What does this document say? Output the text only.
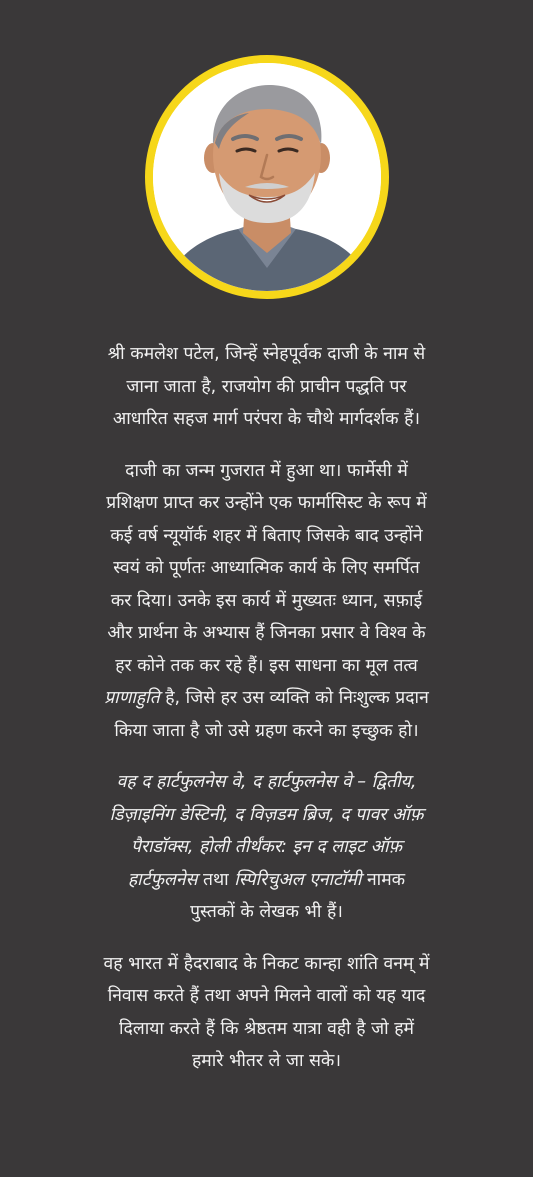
श्री कमलेश पटेल, जिन्हें स्नेहपूर्वक दाजी के नाम से
जाना जाता है, राजयोग की प्राचीन पद्धति पर
आधारित सहज मार्ग परंपरा के चौथे मार्गदर्शक हैं।

दाजी का जन्म गुजरात में हुआ था। फार्मेसी में
प्रशिक्षण प्राप्त कर उन्होंने एक फार्मासिस्ट के रूप में
कई वर्ष न्यूयॉर्क शहर में बिताए जिसके बाद उन्होंने
स्वयं को पूर्णतः आध्यात्मिक कार्य के लिए समर्पित
कर दिया। उनके इस कार्य में मुख्यतः ध्यान, सफ़ाई
और प्रार्थना के अभ्यास हैं जिनका प्रसार वे विश्व के
हर कोने तक कर रहे हैं। इस साधना का मूल तत्व
प्राणाहुति है, जिसे हर उस व्यक्ति को निःशुल्क प्रदान
किया जाता है जो उसे ग्रहण करने का इच्छुक हो।

वह द हार्टफुलनेस वे, द हार्टफुलनेस वे – द्वितीय,
डिज़ाइनिंग डेस्टिनी, द विज़डम ब्रिज, द पावर ऑफ़
पैराडॉक्स, होली तीर्थंकर: इन द लाइट ऑफ़
हार्टफुलनेस तथा स्पिरिचुअल एनाटॉमी नामक
पुस्तकों के लेखक भी हैं।

वह भारत में हैदराबाद के निकट कान्हा शांति वनम् में
निवास करते हैं तथा अपने मिलने वालों को यह याद
दिलाया करते हैं कि श्रेष्ठतम यात्रा वही है जो हमें
हमारे भीतर ले जा सके।
